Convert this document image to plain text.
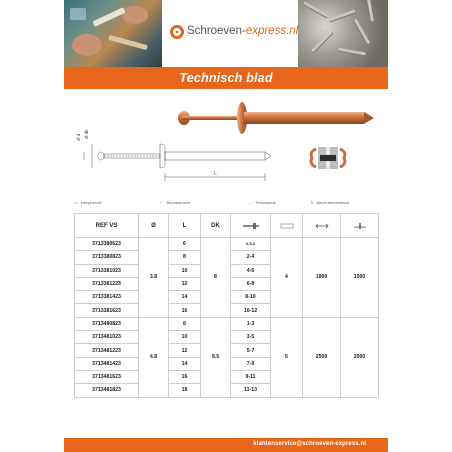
Schroeven-express.nl
Technisch blad
Ø d Ø dk
L
▭ krimpbereik	⊢ Boordiameter	↔ Trekwaarde	⇅ Afschuifweerstand
REF VS	Ø	L	DK				
3713380623	3.8	6	8	0.5-2	4	1800	1500
3713380823		8		2-4			
3713381023		10		4-6			
3713381223		12		6-8			
3713381423		14		8-10			
3713381623		16		10-12			
3713480823	4.8	8	9.5	1-3	5	2500	2000
3713481023		10		3-5			
3713481223		12		5-7			
3713481423		14		7-9			
3713481623		16		9-11			
3713481823		18		11-13			
klantenservice@schroeven-express.nl
